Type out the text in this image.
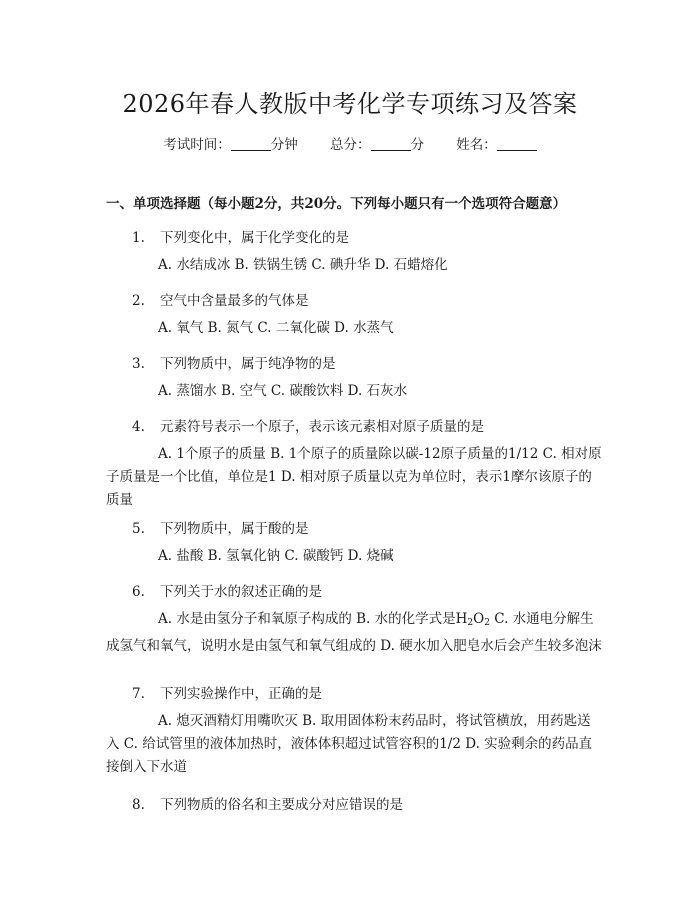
2026年春人教版中考化学专项练习及答案
考试时间：	分钟 总分：	分 姓名：
一、单项选择题（每小题2分，共20分。下列每小题只有一个选项符合题意）
1. 下列变化中，属于化学变化的是
A. 水结成冰 B. 铁锅生锈 C. 碘升华 D. 石蜡熔化
2. 空气中含量最多的气体是
A. 氧气 B. 氮气 C. 二氧化碳 D. 水蒸气
3. 下列物质中，属于纯净物的是
A. 蒸馏水 B. 空气 C. 碳酸饮料 D. 石灰水
4. 元素符号表示一个原子，表示该元素相对原子质量的是
A. 1个原子的质量 B. 1个原子的质量除以碳-12原子质量的1/12 C. 相对原子质量是一个比值，单位是1 D. 相对原子质量以克为单位时，表示1摩尔该原子的质量
5. 下列物质中，属于酸的是
A. 盐酸 B. 氢氧化钠 C. 碳酸钙 D. 烧碱
6. 下列关于水的叙述正确的是
A. 水是由氢分子和氧原子构成的 B. 水的化学式是$H_2O_2$ C. 水通电分解生成氢气和氧气，说明水是由氢气和氧气组成的 D. 硬水加入肥皂水后会产生较多泡沫
7. 下列实验操作中，正确的是
A. 熄灭酒精灯用嘴吹灭 B. 取用固体粉末药品时，将试管横放，用药匙送入 C. 给试管里的液体加热时，液体体积超过试管容积的1/2 D. 实验剩余的药品直接倒入下水道
8. 下列物质的俗名和主要成分对应错误的是
